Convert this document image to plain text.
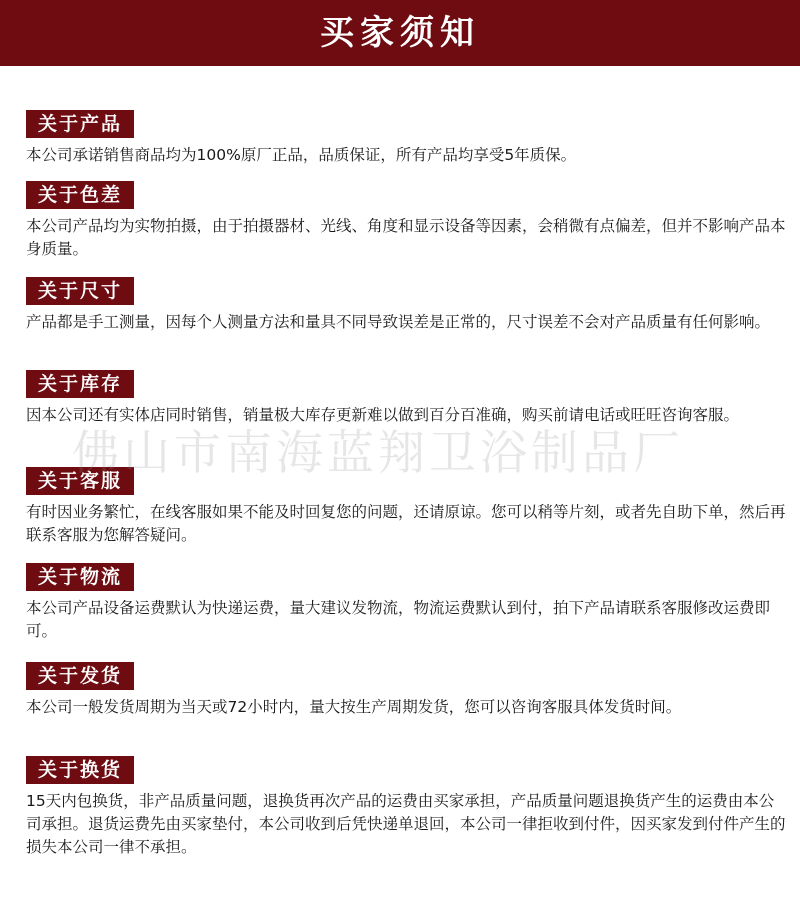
买家须知
关于产品
本公司承诺销售商品均为100%原厂正品，品质保证，所有产品均享受5年质保。
关于色差
本公司产品均为实物拍摄，由于拍摄器材、光线、角度和显示设备等因素，会稍微有点偏差，但并不影响产品本身质量。
关于尺寸
产品都是手工测量，因每个人测量方法和量具不同导致误差是正常的，尺寸误差不会对产品质量有任何影响。
关于库存
因本公司还有实体店同时销售，销量极大库存更新难以做到百分百准确，购买前请电话或旺旺咨询客服。
关于客服
有时因业务繁忙，在线客服如果不能及时回复您的问题，还请原谅。您可以稍等片刻，或者先自助下单，然后再联系客服为您解答疑问。
关于物流
本公司产品设备运费默认为快递运费，量大建议发物流，物流运费默认到付，拍下产品请联系客服修改运费即可。
关于发货
本公司一般发货周期为当天或72小时内，量大按生产周期发货，您可以咨询客服具体发货时间。
关于换货
15天内包换货，非产品质量问题，退换货再次产品的运费由买家承担，产品质量问题退换货产生的运费由本公司承担。退货运费先由买家垫付，本公司收到后凭快递单退回，本公司一律拒收到付件，因买家发到付件产生的损失本公司一律不承担。
佛山市南海蓝翔卫浴制品厂
